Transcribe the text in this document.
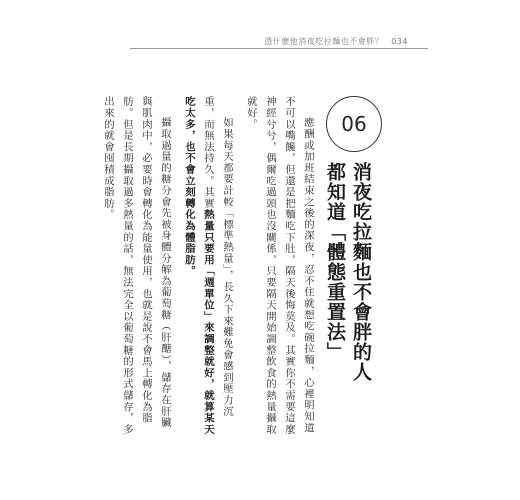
憑什麼他消夜吃拉麵也不會胖？ 034
06
消夜吃拉麵也不會胖的人
都知道「體態重置法」

應酬或加班結束之後的深夜，忍不住就想吃碗拉麵，心裡明知道不可以嘴饞，但還是把麵吃下肚，隔天後悔莫及。其實你不需要這麼神經兮兮，偶爾吃過頭也沒關係，只要隔天開始調整飲食的熱量攝取就好。

如果每天都要計較「標準熱量」，長久下來難免會感到壓力沉重，而無法持久。其實熱量只要用「週單位」來調整就好，就算某天吃太多，也不會立刻轉化為體脂肪。

攝取過量的糖分會先被身體分解為葡萄糖（肝醣），儲存在肝臟與肌肉中，必要時會轉化為能量使用，也就是說不會馬上轉化為脂肪。但是長期攝取過多熱量的話，無法完全以葡萄糖的形式儲存，多出來的就會囤積成脂肪。
